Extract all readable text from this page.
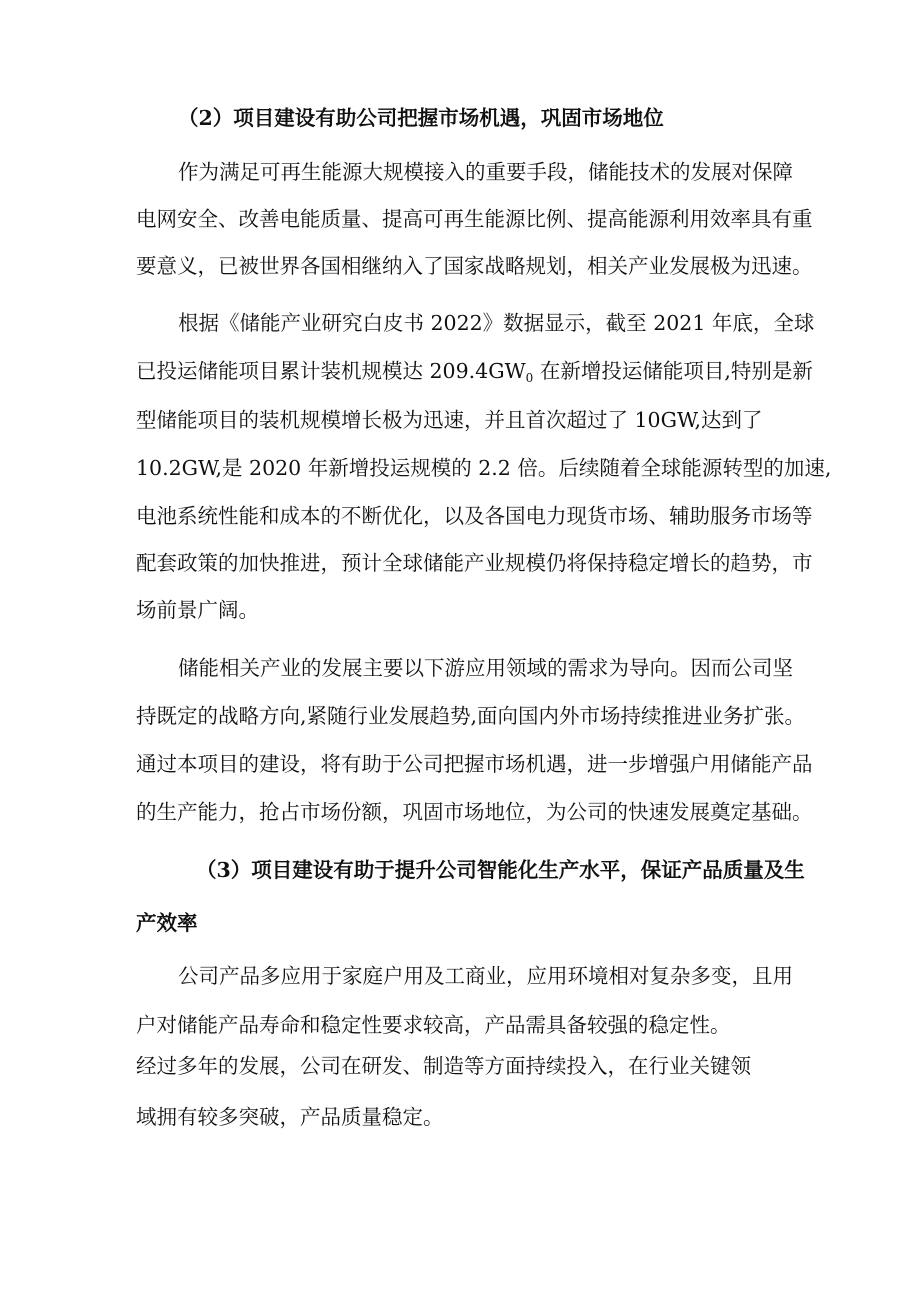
（2）项目建设有助公司把握市场机遇，巩固市场地位

作为满足可再生能源大规模接入的重要手段，储能技术的发展对保障

电网安全、改善电能质量、提高可再生能源比例、提高能源利用效率具有重

要意义，已被世界各国相继纳入了国家战略规划，相关产业发展极为迅速。

根据《储能产业研究白皮书 2022》数据显示，截至 2021 年底，全球

已投运储能项目累计装机规模达 $209.4GW_0$ 在新增投运储能项目,特别是新

型储能项目的装机规模增长极为迅速，并且首次超过了 10GW,达到了

10.2GW,是 2020 年新增投运规模的 2.2 倍。后续随着全球能源转型的加速,

电池系统性能和成本的不断优化，以及各国电力现货市场、辅助服务市场等

配套政策的加快推进，预计全球储能产业规模仍将保持稳定增长的趋势，市

场前景广阔。

储能相关产业的发展主要以下游应用领域的需求为导向。因而公司坚

持既定的战略方向,紧随行业发展趋势,面向国内外市场持续推进业务扩张。

通过本项目的建设，将有助于公司把握市场机遇，进一步增强户用储能产品

的生产能力，抢占市场份额，巩固市场地位，为公司的快速发展奠定基础。

（3）项目建设有助于提升公司智能化生产水平，保证产品质量及生
产效率

公司产品多应用于家庭户用及工商业，应用环境相对复杂多变，且用

户对储能产品寿命和稳定性要求较高，产品需具备较强的稳定性。

经过多年的发展，公司在研发、制造等方面持续投入，在行业关键领

域拥有较多突破，产品质量稳定。
